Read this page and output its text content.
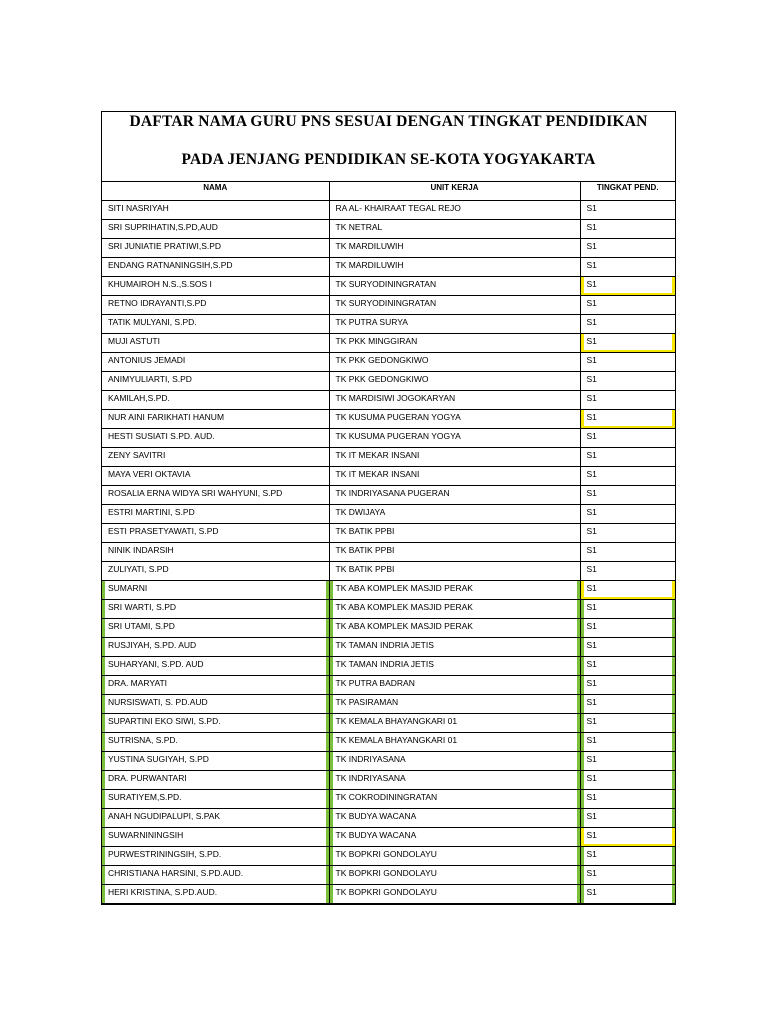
DAFTAR NAMA GURU PNS SESUAI DENGAN TINGKAT PENDIDIKAN
PADA JENJANG PENDIDIKAN SE-KOTA YOGYAKARTA
NAMA	UNIT KERJA	TINGKAT PEND.
SITI NASRIYAH	RA AL- KHAIRAAT TEGAL REJO	S1
SRI SUPRIHATIN,S.PD,AUD	TK NETRAL	S1
SRI JUNIATIE PRATIWI,S.PD	TK MARDILUWIH	S1
ENDANG RATNANINGSIH,S.PD	TK MARDILUWIH	S1
KHUMAIROH N.S.,S.SOS I	TK SURYODININGRATAN	S1
RETNO IDRAYANTI,S.PD	TK SURYODININGRATAN	S1
TATIK MULYANI, S.PD.	TK PUTRA SURYA	S1
MUJI ASTUTI	TK PKK MINGGIRAN	S1
ANTONIUS JEMADI	TK PKK GEDONGKIWO	S1
ANIMYULIARTI, S.PD	TK PKK GEDONGKIWO	S1
KAMILAH,S.PD.	TK MARDISIWI JOGOKARYAN	S1
NUR AINI FARIKHATI HANUM	TK KUSUMA PUGERAN YOGYA	S1
HESTI SUSIATI S.PD. AUD.	TK KUSUMA PUGERAN YOGYA	S1
ZENY SAVITRI	TK IT MEKAR INSANI	S1
MAYA VERI OKTAVIA	TK IT MEKAR INSANI	S1
ROSALIA ERNA WIDYA SRI WAHYUNI, S.PD	TK INDRIYASANA PUGERAN	S1
ESTRI MARTINI, S.PD	TK DWIJAYA	S1
ESTI PRASETYAWATI, S.PD	TK BATIK PPBI	S1
NINIK INDARSIH	TK BATIK PPBI	S1
ZULIYATI, S.PD	TK BATIK PPBI	S1
SUMARNI	TK ABA KOMPLEK MASJID PERAK	S1
SRI WARTI, S.PD	TK ABA KOMPLEK MASJID PERAK	S1
SRI UTAMI, S.PD	TK ABA KOMPLEK MASJID PERAK	S1
RUSJIYAH, S.PD. AUD	TK TAMAN INDRIA JETIS	S1
SUHARYANI, S.PD. AUD	TK TAMAN INDRIA JETIS	S1
DRA. MARYATI	TK PUTRA BADRAN	S1
NURSISWATI, S. PD.AUD	TK PASIRAMAN	S1
SUPARTINI EKO SIWI, S.PD.	TK KEMALA BHAYANGKARI 01	S1
SUTRISNA, S.PD.	TK KEMALA BHAYANGKARI 01	S1
YUSTINA SUGIYAH, S.PD	TK INDRIYASANA	S1
DRA. PURWANTARI	TK INDRIYASANA	S1
SURATIYEM,S.PD.	TK COKRODININGRATAN	S1
ANAH NGUDIPALUPI, S.PAK	TK BUDYA WACANA	S1
SUWARNININGSIH	TK BUDYA WACANA	S1
PURWESTRININGSIH, S.PD.	TK BOPKRI GONDOLAYU	S1
CHRISTIANA HARSINI, S.PD.AUD.	TK BOPKRI GONDOLAYU	S1
HERI KRISTINA, S.PD.AUD.	TK BOPKRI GONDOLAYU	S1
